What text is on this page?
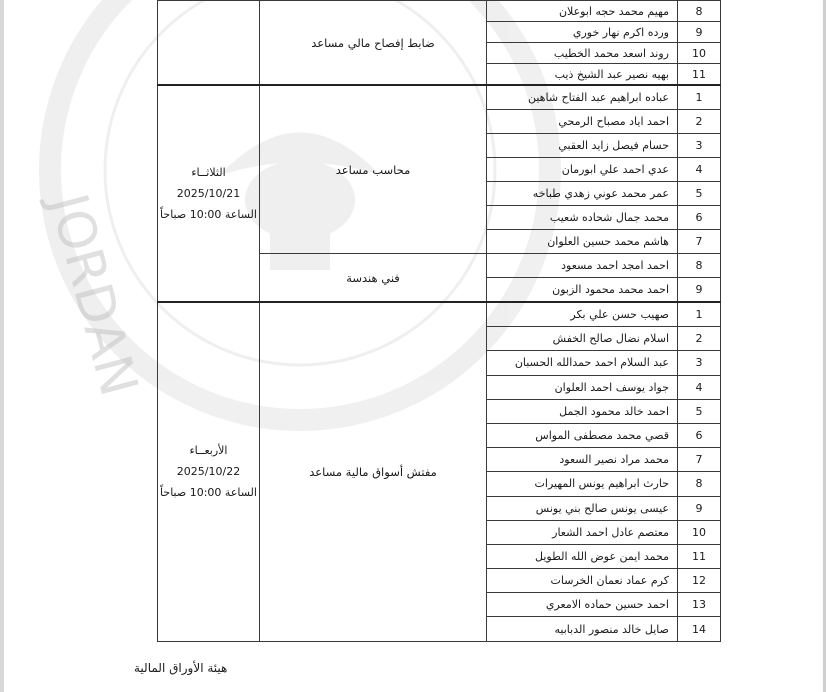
JORDAN
8	مهيم محمد حجه ابوعلان	ضابط إفصاح مالي مساعد	
9	ورده اكرم نهار خوري		
10	روند اسعد محمد الخطيب		
11	بهيه نصير عبد الشيخ ذيب		
1	عباده ابراهيم عبد الفتاح شاهين	محاسب مساعد	الثلاثــاء
2025/10/21
الساعة 10:00 صباحاً

2	احمد اياد مصباح الرمحي		
3	حسام فيصل زايد العقبي		
4	عدي احمد علي ابورمان		
5	عمر محمد عوني زهدي طباخه		
6	محمد جمال شحاده شعيب		
7	هاشم محمد حسين العلوان		
8	احمد امجد احمد مسعود	فني هندسة	
9	احمد محمد محمود الزبون		
1	صهيب حسن علي بكر	مفتش أسواق مالية مساعد	الأربعــاء
2025/10/22
الساعة 10:00 صباحاً

2	اسلام نضال صالح الخفش		
3	عبد السلام احمد حمدالله الحسبان		
4	جواد يوسف احمد العلوان		
5	احمد خالد محمود الجمل		
6	قصي محمد مصطفى المواس		
7	محمد مراد نصير السعود		
8	حارث ابراهيم يونس المهيرات		
9	عيسى يونس صالح بني يونس		
10	معتصم عادل احمد الشعار		
11	محمد ايمن عوض الله الطويل		
12	كرم عماد نعمان الخرسات		
13	احمد حسين حماده الامعري		
14	صايل خالد منصور الدبابيه		
هيئة الأوراق المالية
